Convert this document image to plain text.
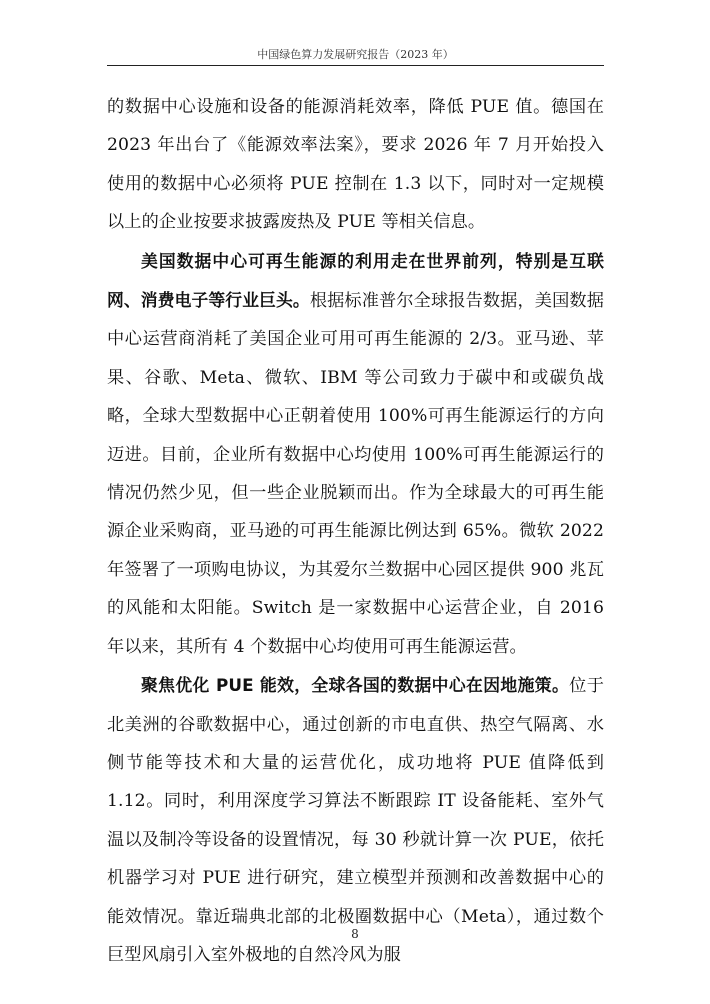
中国绿色算力发展研究报告（2023 年）

的数据中心设施和设备的能源消耗效率，降低 PUE 值。德国在 2023 年出台了《能源效率法案》，要求 2026 年 7 月开始投入使用的数据中心必须将 PUE 控制在 1.3 以下，同时对一定规模以上的企业按要求披露废热及 PUE 等相关信息。

美国数据中心可再生能源的利用走在世界前列，特别是互联网、消费电子等行业巨头。根据标准普尔全球报告数据，美国数据中心运营商消耗了美国企业可用可再生能源的 2/3。亚马逊、苹果、谷歌、Meta、微软、IBM 等公司致力于碳中和或碳负战略，全球大型数据中心正朝着使用 100%可再生能源运行的方向迈进。目前，企业所有数据中心均使用 100%可再生能源运行的情况仍然少见，但一些企业脱颖而出。作为全球最大的可再生能源企业采购商，亚马逊的可再生能源比例达到 65%。微软 2022 年签署了一项购电协议，为其爱尔兰数据中心园区提供 900 兆瓦的风能和太阳能。Switch 是一家数据中心运营企业，自 2016 年以来，其所有 4 个数据中心均使用可再生能源运营。

聚焦优化 PUE 能效，全球各国的数据中心在因地施策。位于北美洲的谷歌数据中心，通过创新的市电直供、热空气隔离、水侧节能等技术和大量的运营优化，成功地将 PUE 值降低到 1.12。同时，利用深度学习算法不断跟踪 IT 设备能耗、室外气温以及制冷等设备的设置情况，每 30 秒就计算一次 PUE，依托机器学习对 PUE 进行研究，建立模型并预测和改善数据中心的能效情况。靠近瑞典北部的北极圈数据中心（Meta），通过数个巨型风扇引入室外极地的自然冷风为服

8
